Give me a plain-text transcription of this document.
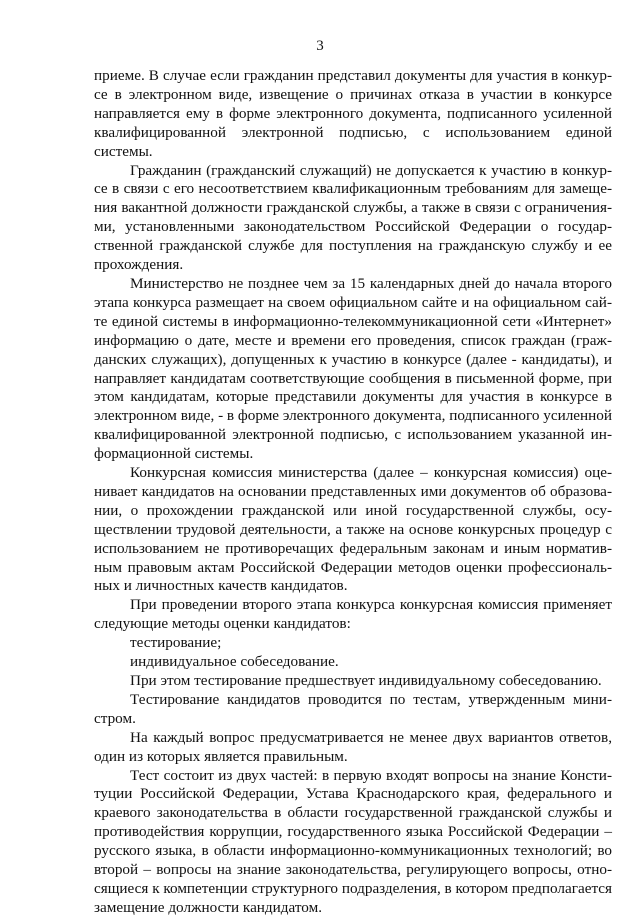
3

приеме. В случае если гражданин представил документы для участия в конкурсе в электронном виде, извещение о причинах отказа в участии в конкурсе направляется ему в форме электронного документа, подписанного усиленной квалифицированной электронной подписью, с использованием единой системы.

Гражданин (гражданский служащий) не допускается к участию в конкурсе в связи с его несоответствием квалификационным требованиям для замещения вакантной должности гражданской службы, а также в связи с ограничениями, установленными законодательством Российской Федерации о государственной гражданской службе для поступления на гражданскую службу и ее прохождения.

Министерство не позднее чем за 15 календарных дней до начала второго этапа конкурса размещает на своем официальном сайте и на официальном сайте единой системы в информационно-телекоммуникационной сети «Интернет» информацию о дате, месте и времени его проведения, список граждан (гражданских служащих), допущенных к участию в конкурсе (далее - кандидаты), и направляет кандидатам соответствующие сообщения в письменной форме, при этом кандидатам, которые представили документы для участия в конкурсе в электронном виде, - в форме электронного документа, подписанного усиленной квалифицированной электронной подписью, с использованием указанной информационной системы.

Конкурсная комиссия министерства (далее – конкурсная комиссия) оценивает кандидатов на основании представленных ими документов об образовании, о прохождении гражданской или иной государственной службы, осуществлении трудовой деятельности, а также на основе конкурсных процедур с использованием не противоречащих федеральным законам и иным нормативным правовым актам Российской Федерации методов оценки профессиональных и личностных качеств кандидатов.

При проведении второго этапа конкурса конкурсная комиссия применяет следующие методы оценки кандидатов:

тестирование;

индивидуальное собеседование.

При этом тестирование предшествует индивидуальному собеседованию.

Тестирование кандидатов проводится по тестам, утвержденным министром.

На каждый вопрос предусматривается не менее двух вариантов ответов, один из которых является правильным.

Тест состоит из двух частей: в первую входят вопросы на знание Конституции Российской Федерации, Устава Краснодарского края, федерального и краевого законодательства в области государственной гражданской службы и противодействия коррупции, государственного языка Российской Федерации – русского языка, в области информационно-коммуникационных технологий; во второй – вопросы на знание законодательства, регулирующего вопросы, относящиеся к компетенции структурного подразделения, в котором предполагается замещение должности кандидатом.
